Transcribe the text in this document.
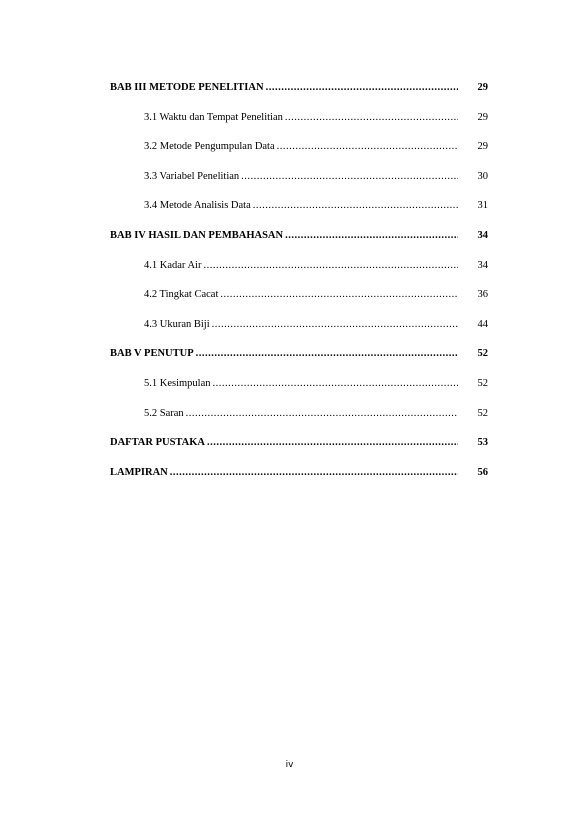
BAB III METODE PENELITIAN .....	29
3.1 Waktu dan Tempat Penelitian .....	29
3.2 Metode Pengumpulan Data .....	29
3.3 Variabel Penelitian .....	30
3.4 Metode Analisis Data .....	31
BAB IV HASIL DAN PEMBAHASAN .....	34
4.1 Kadar Air .....	34
4.2 Tingkat Cacat .....	36
4.3 Ukuran Biji .....	44
BAB V PENUTUP .....	52
5.1 Kesimpulan .....	52
5.2 Saran .....	52
DAFTAR PUSTAKA .....	53
LAMPIRAN .....	56
iv
